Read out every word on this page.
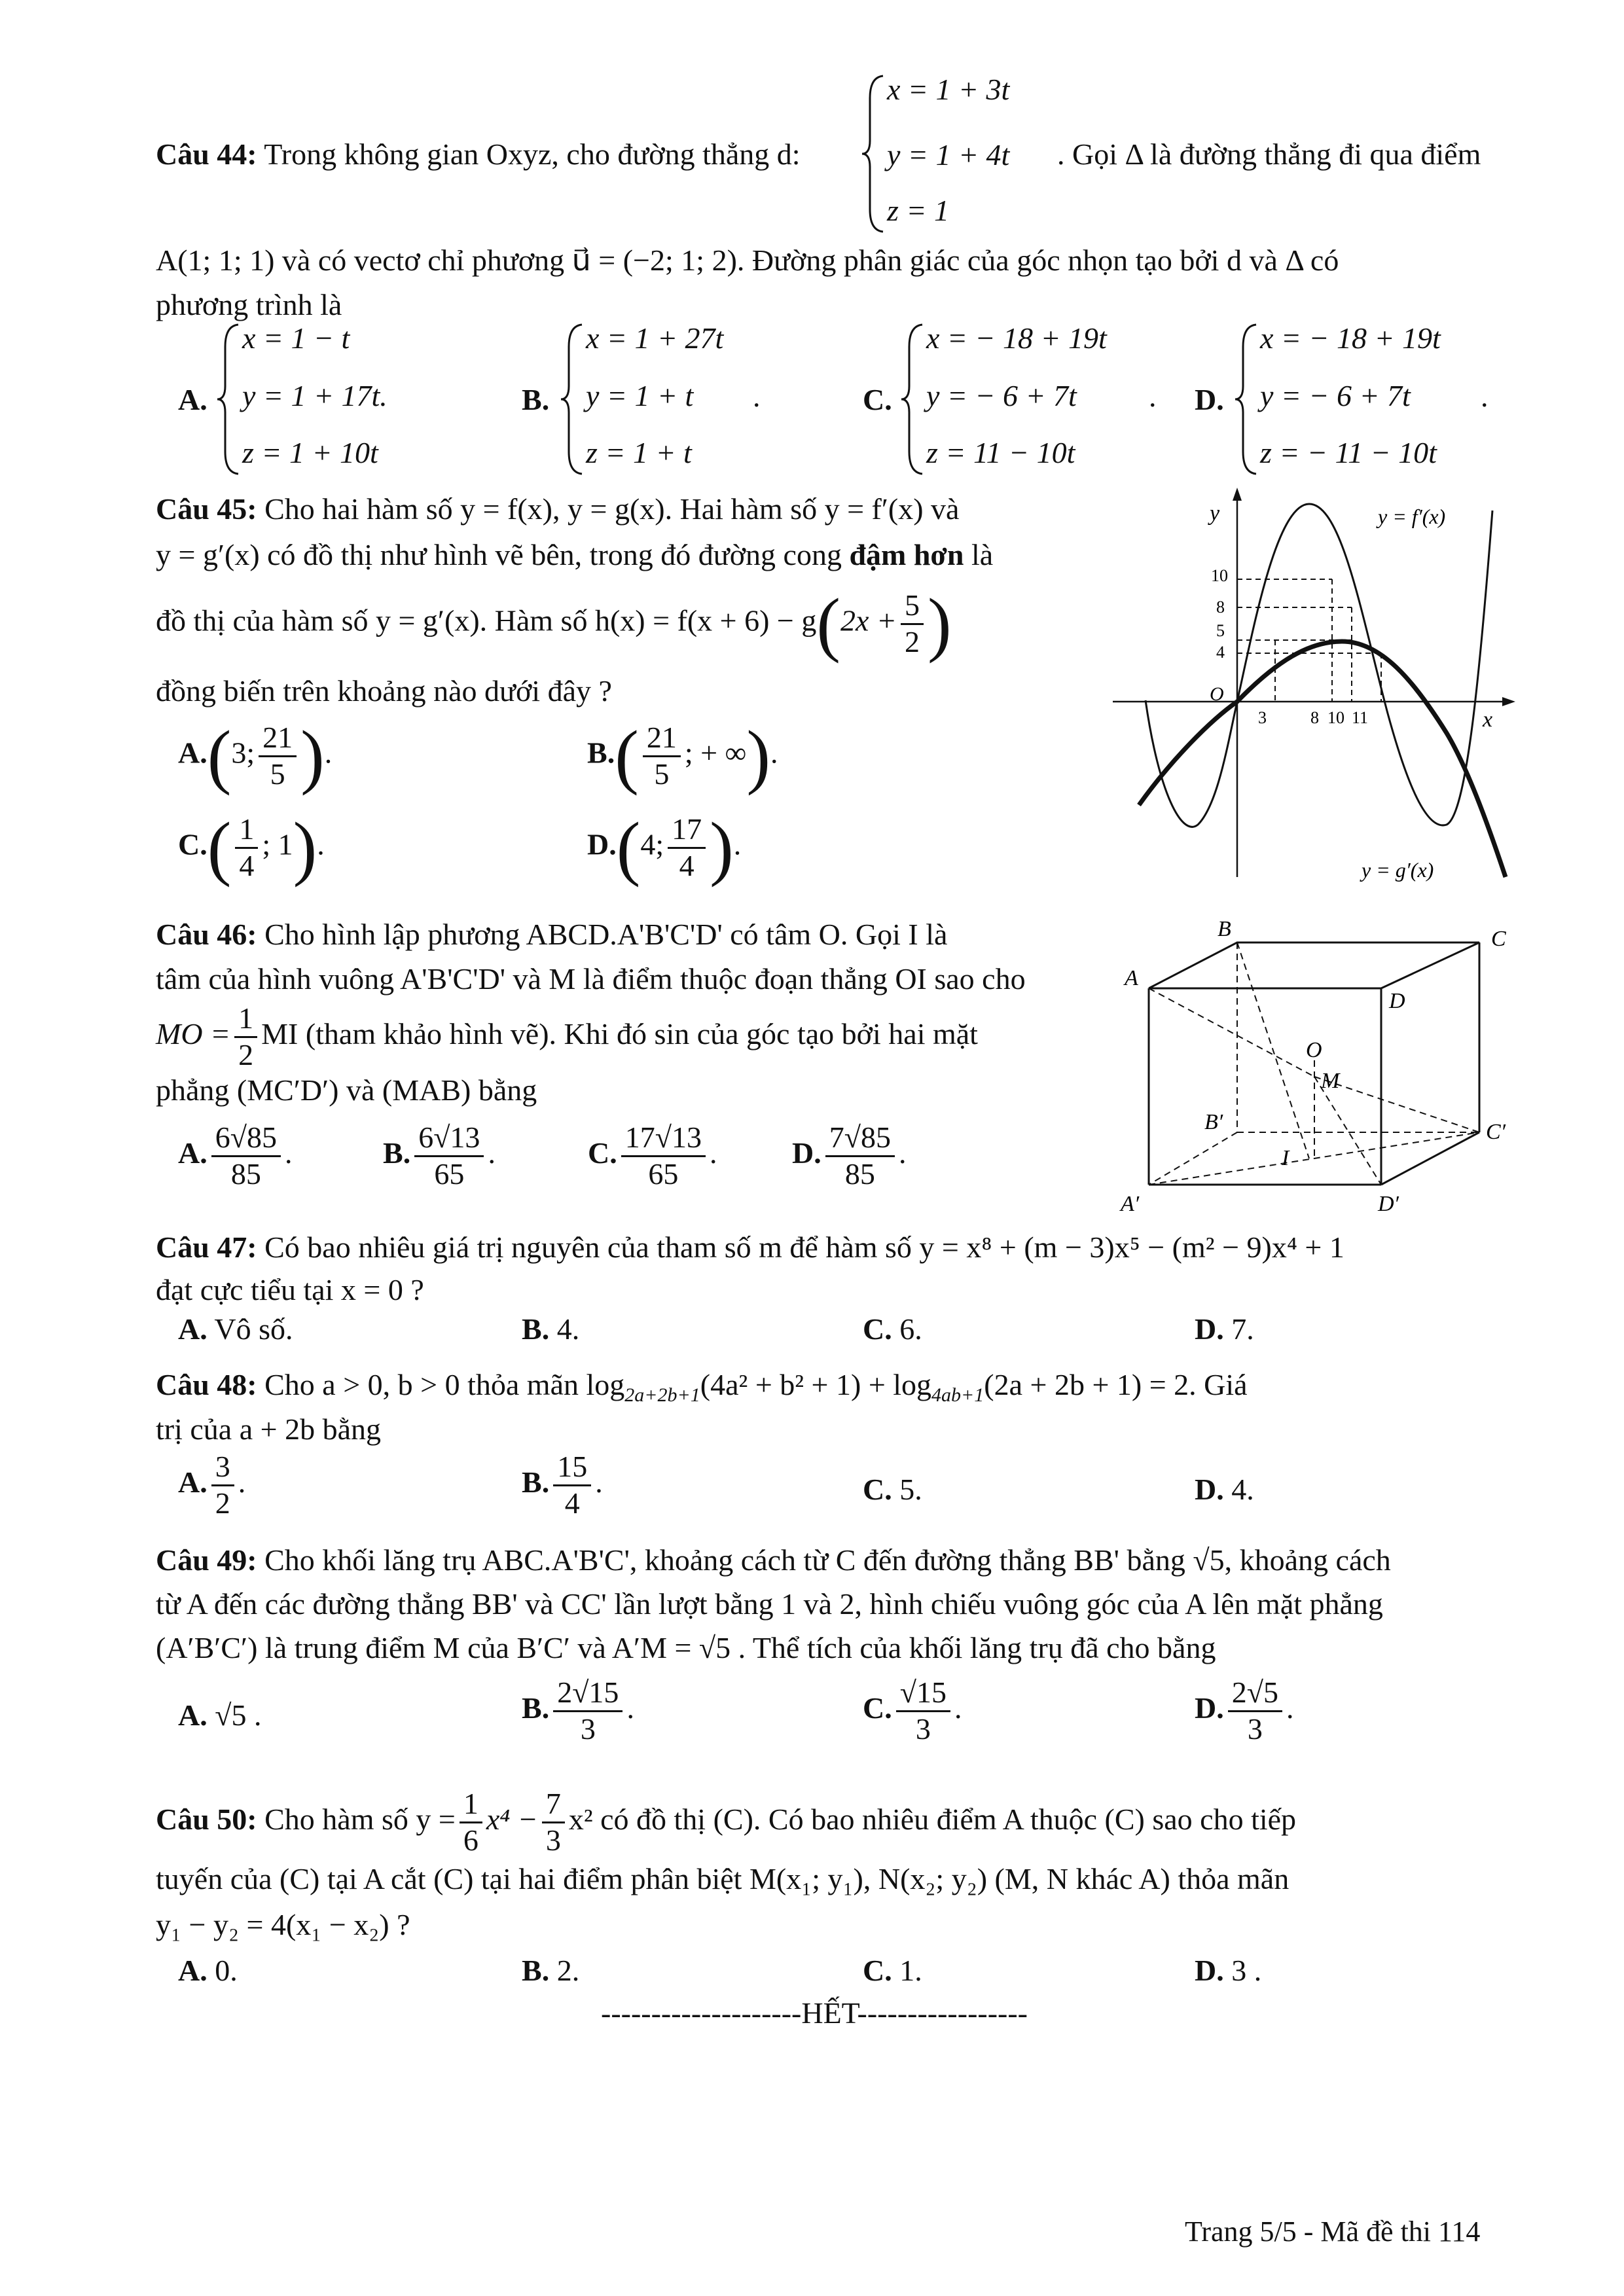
Câu 44: Trong không gian Oxyz, cho đường thẳng d:
x = 1 + 3t
y = 1 + 4t
z = 1
. Gọi Δ là đường thẳng đi qua điểm
A(1; 1; 1) và có vectơ chỉ phương u⃗ = (−2; 1; 2). Đường phân giác của góc nhọn tạo bởi d và Δ có
phương trình là
A.
x = 1 − t
y = 1 + 17t.
z = 1 + 10t
B.
x = 1 + 27t
y = 1 + t
z = 1 + t
.	C.
x = − 18 + 19t
y = − 6 + 7t
z = 11 − 10t
. D.
x = − 18 + 19t
y = − 6 + 7t
z = − 11 − 10t
.
Câu 45: Cho hai hàm số y = f(x), y = g(x). Hai hàm số y = f′(x) và
y = g′(x) có đồ thị như hình vẽ bên, trong đó đường cong đậm hơn là
đồ thị của hàm số y = g′(x). Hàm số $h(x) = f(x + 6) - g(2x + \frac{5}{2}$ )
đồng biến trên khoảng nào dưới đây ?
A.(3; $\frac{21}{5}$ ).	$B.( \frac{21}{5}$ ; + ∞).
$C.( \frac{1}{4}$ ; 1).	D.(4; $\frac{17}{4}$ ).
y
x
O
10
8
5
4
3	8 10 11
y = f′(x)
y = g′(x)
Câu 46: Cho hình lập phương ABCD.A'B'C'D' có tâm O. Gọi I là
tâm của hình vuông A'B'C'D' và M là điểm thuộc đoạn thẳng OI sao cho
MO = $\frac{1}{2}$ MI (tham khảo hình vẽ). Khi đó sin của góc tạo bởi hai mặt
phẳng (MC′D′) và (MAB) bằng
A. $\frac{6√85}{85}$ .	B. $\frac{6√13}{65}$ .	C. $\frac{17√13}{65}$ . D. $\frac{7√85}{85}$ .
B	C
A
D
O
M
B′	C′
I
A′	D′
Câu 47: Có bao nhiêu giá trị nguyên của tham số m để hàm số y = x⁸ + (m − 3)x⁵ − (m² − 9)x⁴ + 1
đạt cực tiểu tại x = 0 ?
A. Vô số.	B. 4.	C. 6.	D. 7.
Câu 48: Cho a > 0, b > 0 thỏa mãn $\log_{2a+2b+1}(4a^2 + b^2 + 1) + \log_{4ab+1}(2a + 2b + 1) = 2$. Giá
trị của a + 2b bằng
A. $\frac{3}{2}$ .	B. $\frac{15}{4}$ .	C. 5.	D. 4.
Câu 49: Cho khối lăng trụ ABC.A'B'C', khoảng cách từ C đến đường thẳng BB' bằng √5, khoảng cách
từ A đến các đường thẳng BB' và CC' lần lượt bằng 1 và 2, hình chiếu vuông góc của A lên mặt phẳng
(A′B′C′) là trung điểm M của B′C′ và A′M = √5 . Thể tích của khối lăng trụ đã cho bằng
A. √5 .	B. $\frac{2√15}{3}$ .	C. $\frac{√15}{3}$ .	D. $\frac{2√5}{3}$ .
Câu 50: Cho hàm số $y = \frac{1}{6} x^4 - \frac{7}{3} x^2$ có đồ thị (C). Có bao nhiêu điểm A thuộc (C) sao cho tiếp
tuyến của (C) tại A cắt (C) tại hai điểm phân biệt M(x₁; y₁), N(x₂; y₂) (M, N khác A) thỏa mãn
y₁ − y₂ = 4(x₁ − x₂) ?
A. 0.	B. 2.	C. 1.	D. 3 .
--------------------HẾT-----------------
Trang 5/5 - Mã đề thi 114
